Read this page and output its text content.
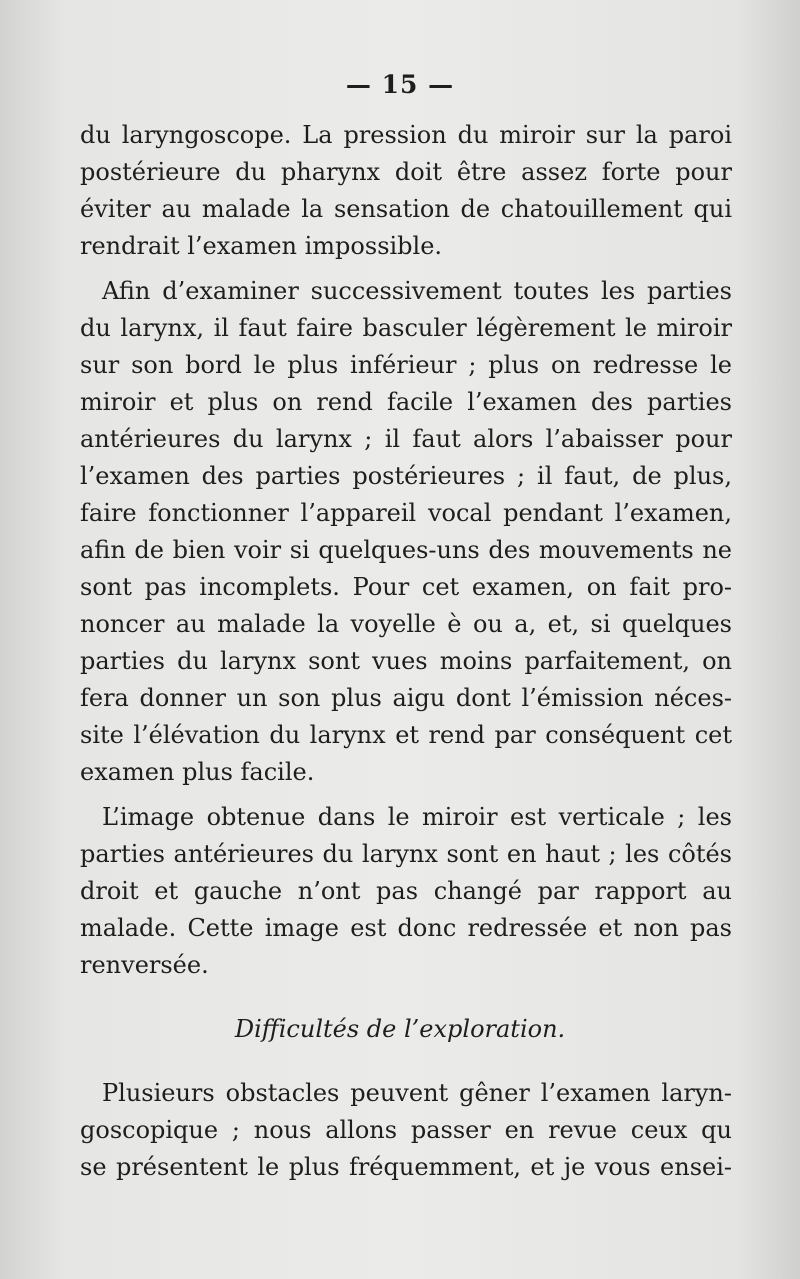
— 15 —
du laryngoscope. La pression du miroir sur la paroi
postérieure du pharynx doit être assez forte pour
éviter au malade la sensation de chatouillement qui
rendrait l’examen impossible.
Afin d’examiner successivement toutes les parties
du larynx, il faut faire basculer légèrement le miroir
sur son bord le plus inférieur ; plus on redresse le
miroir et plus on rend facile l’examen des parties
antérieures du larynx ; il faut alors l’abaisser pour
l’examen des parties postérieures ; il faut, de plus,
faire fonctionner l’appareil vocal pendant l’examen,
afin de bien voir si quelques-uns des mouvements ne
sont pas incomplets. Pour cet examen, on fait pro-
noncer au malade la voyelle è ou a, et, si quelques
parties du larynx sont vues moins parfaitement, on
fera donner un son plus aigu dont l’émission néces-
site l’élévation du larynx et rend par conséquent cet
examen plus facile.
L’image obtenue dans le miroir est verticale ; les
parties antérieures du larynx sont en haut ; les côtés
droit et gauche n’ont pas changé par rapport au
malade. Cette image est donc redressée et non pas
renversée.
Difficultés de l’exploration.
Plusieurs obstacles peuvent gêner l’examen laryn-
goscopique ; nous allons passer en revue ceux qu
se présentent le plus fréquemment, et je vous ensei-
